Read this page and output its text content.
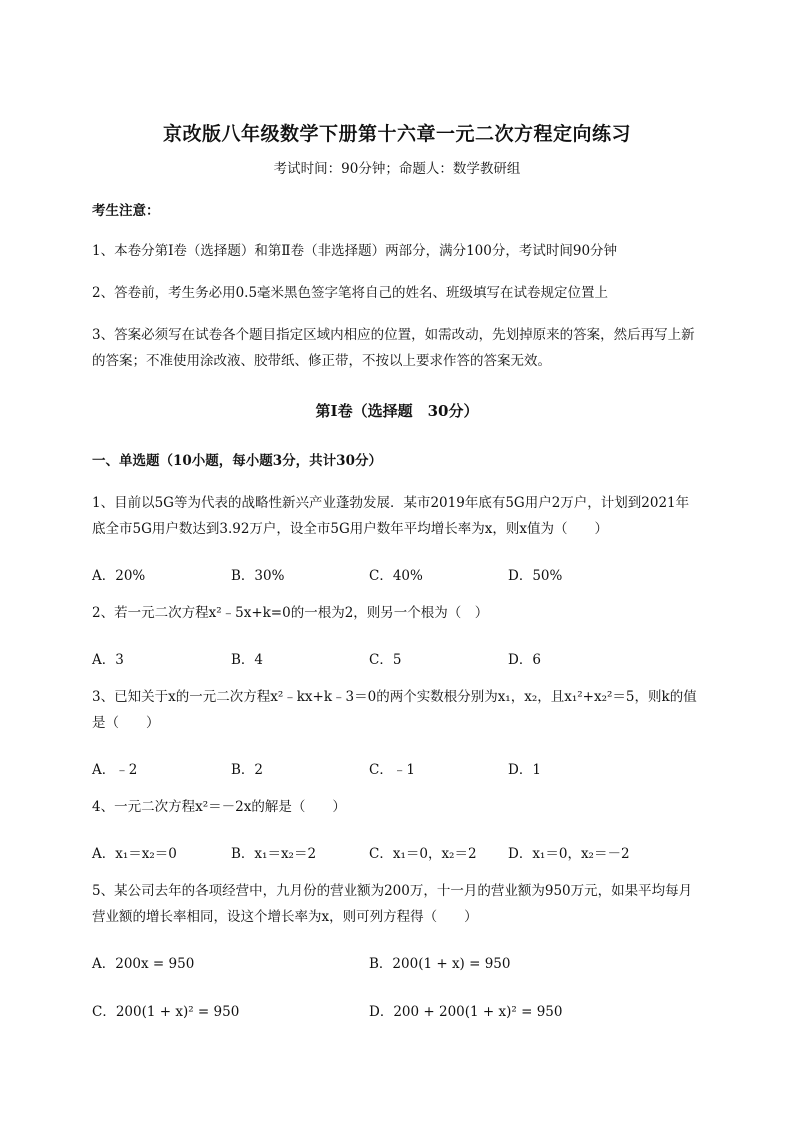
京改版八年级数学下册第十六章一元二次方程定向练习
考试时间：90分钟；命题人：数学教研组
考生注意：
1、本卷分第Ⅰ卷（选择题）和第Ⅱ卷（非选择题）两部分，满分100分，考试时间90分钟
2、答卷前，考生务必用0.5毫米黑色签字笔将自己的姓名、班级填写在试卷规定位置上
3、答案必须写在试卷各个题目指定区域内相应的位置，如需改动，先划掉原来的答案，然后再写上新的答案；不准使用涂改液、胶带纸、修正带，不按以上要求作答的答案无效。
第Ⅰ卷（选择题　30分）
一、单选题（10小题，每小题3分，共计30分）
1、目前以5G等为代表的战略性新兴产业蓬勃发展．某市2019年底有5G用户2万户，计划到2021年底全市5G用户数达到3.92万户，设全市5G用户数年平均增长率为x，则x值为（　　）
A．20%	B．30%	C．40%	D．50%
2、若一元二次方程x²﹣5x+k=0的一根为2，则另一个根为（　）
A．3	B．4	C．5	D．6
3、已知关于x的一元二次方程x²﹣kx+k﹣3＝0的两个实数根分别为x₁，x₂，且x₁²+x₂²＝5，则k的值是（　　）
A．﹣2	B．2	C．﹣1	D．1
4、一元二次方程x²＝－2x的解是（　　）
A．x₁＝x₂＝0	B．x₁＝x₂＝2	C．x₁＝0，x₂＝2 D．x₁＝0，x₂＝－2
5、某公司去年的各项经营中，九月份的营业额为200万，十一月的营业额为950万元，如果平均每月营业额的增长率相同，设这个增长率为x，则可列方程得（　　）
A．200x = 950	B．200(1 + x) = 950
C．200(1 + x)² = 950	D．200 + 200(1 + x)² = 950
